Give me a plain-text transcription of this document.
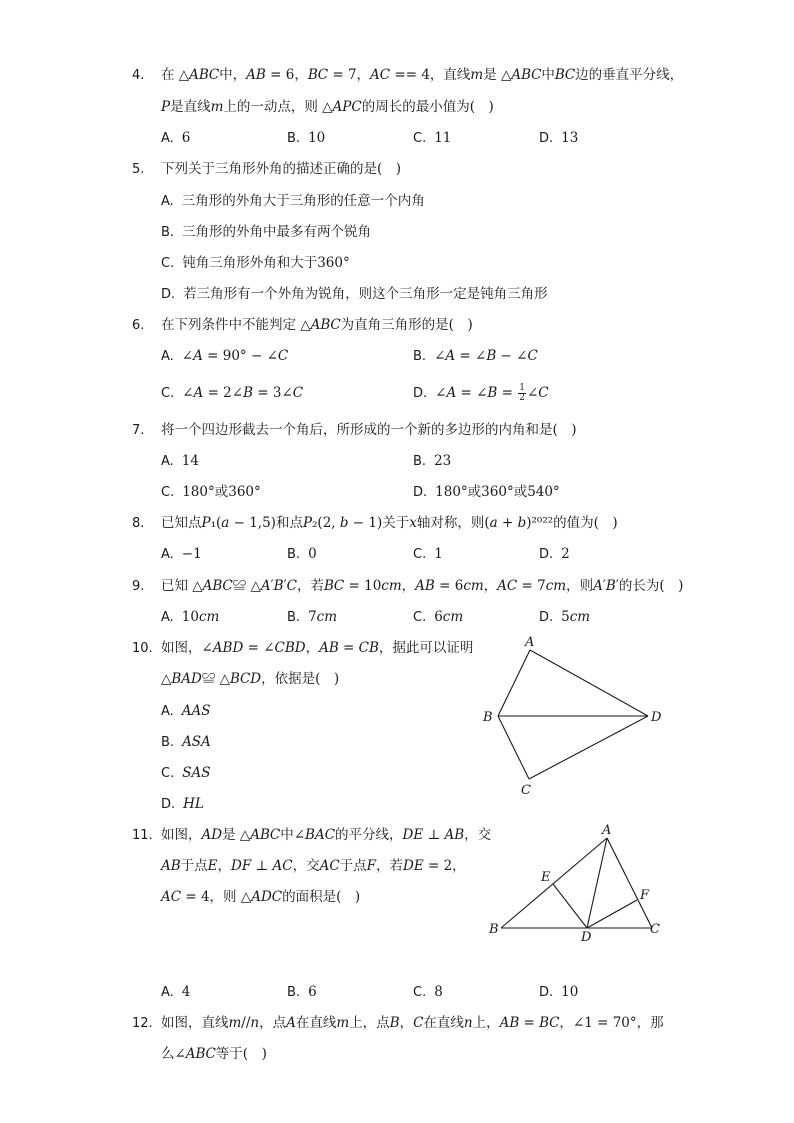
4. 在 △𝐴𝐵𝐶中，𝐴𝐵 = 6，𝐵𝐶 = 7，𝐴𝐶 == 4，直线𝑚是 △𝐴𝐵𝐶中𝐵𝐶边的垂直平分线，
𝑃是直线𝑚上的一动点，则 △𝐴𝑃𝐶的周长的最小值为(　)
A. 6	B. 10	C. 11	D. 13
5. 下列关于三角形外角的描述正确的是(　)
A. 三角形的外角大于三角形的任意一个内角
B. 三角形的外角中最多有两个锐角
C. 钝角三角形外角和大于360°
D. 若三角形有一个外角为锐角，则这个三角形一定是钝角三角形
6. 在下列条件中不能判定 △𝐴𝐵𝐶为直角三角形的是(　)
A. ∠𝐴 = 90° − ∠𝐶	B. ∠𝐴 = ∠𝐵 − ∠𝐶
C. ∠𝐴 = 2∠𝐵 = 3∠𝐶	D. ∠𝐴 = ∠𝐵 = $\frac{1}{2}$ ∠𝐶
7. 将一个四边形截去一个角后，所形成的一个新的多边形的内角和是(　)
A. 14	B. 23
C. 180°或360°	D. 180°或360°或540°
8. 已知点𝑃₁(𝑎 − 1,5)和点𝑃₂(2, 𝑏 − 1)关于𝑥轴对称，则(𝑎 + 𝑏)²⁰²²的值为(　)
A. −1	B. 0	C. 1	D. 2
9. 已知 △𝐴𝐵𝐶≌ △𝐴′𝐵′𝐶，若𝐵𝐶 = 10𝑐𝑚，𝐴𝐵 = 6𝑐𝑚，𝐴𝐶 = 7𝑐𝑚，则𝐴′𝐵′的长为(　)
A. 10𝑐𝑚	B. 7𝑐𝑚	C. 6𝑐𝑚	D. 5𝑐𝑚
10. 如图，∠𝐴𝐵𝐷 = ∠𝐶𝐵𝐷，𝐴𝐵 = 𝐶𝐵，据此可以证明
△𝐵𝐴𝐷≌ △𝐵𝐶𝐷，依据是(　)
A. 𝐴𝐴𝑆
B. 𝐴𝑆𝐴
C. 𝑆𝐴𝑆
D. 𝐻𝐿
A
B
C
D
11. 如图，𝐴𝐷是 △𝐴𝐵𝐶中∠𝐵𝐴𝐶的平分线，𝐷𝐸 ⊥ 𝐴𝐵，交
𝐴𝐵于点𝐸，𝐷𝐹 ⊥ 𝐴𝐶，交𝐴𝐶于点𝐹，若𝐷𝐸 = 2，
𝐴𝐶 = 4，则 △𝐴𝐷𝐶的面积是(　)
A. 4	B. 6	C. 8	D. 10
A
B	C
D
E
F
12. 如图，直线𝑚//𝑛，点𝐴在直线𝑚上，点𝐵，𝐶在直线𝑛上，𝐴𝐵 = 𝐵𝐶，∠1 = 70°，那
么∠𝐴𝐵𝐶等于(　)
